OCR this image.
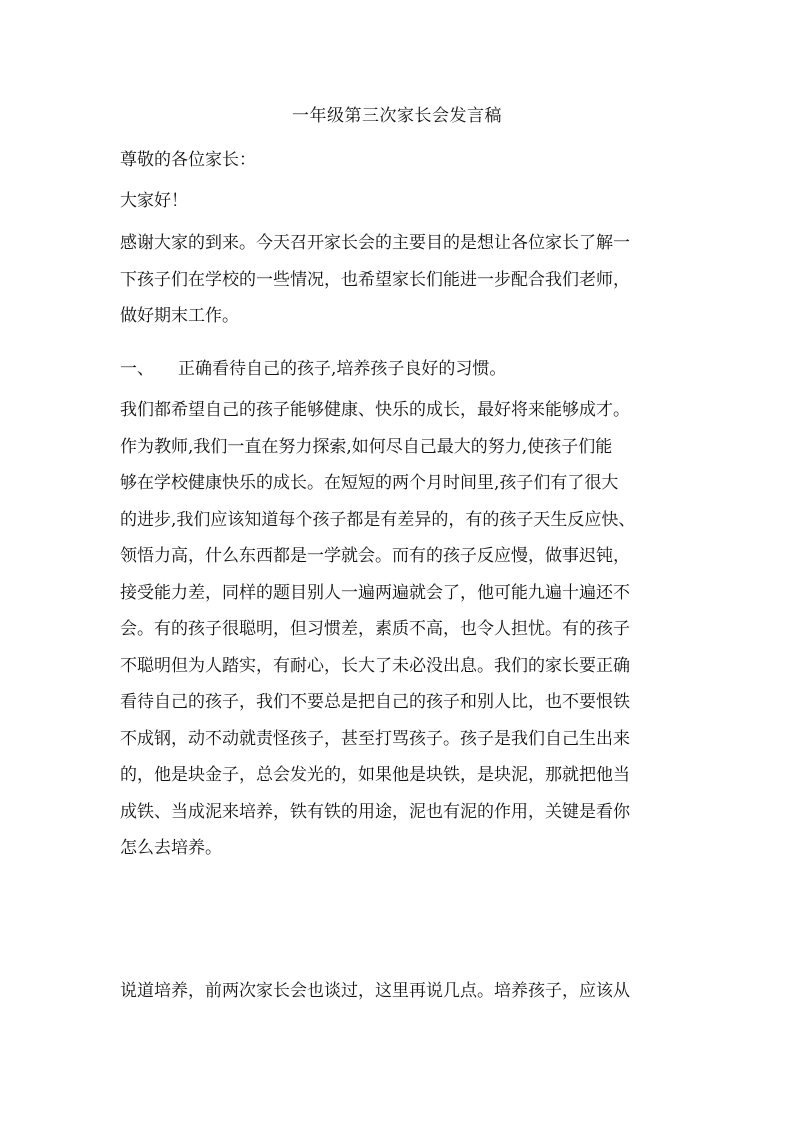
一年级第三次家长会发言稿
尊敬的各位家长：
大家好！
感谢大家的到来。今天召开家长会的主要目的是想让各位家长了解一
下孩子们在学校的一些情况，也希望家长们能进一步配合我们老师，
做好期末工作。
一、 正确看待自己的孩子,培养孩子良好的习惯。
我们都希望自己的孩子能够健康、快乐的成长，最好将来能够成才。
作为教师,我们一直在努力探索,如何尽自己最大的努力,使孩子们能
够在学校健康快乐的成长。在短短的两个月时间里,孩子们有了很大
的进步,我们应该知道每个孩子都是有差异的，有的孩子天生反应快、
领悟力高，什么东西都是一学就会。而有的孩子反应慢，做事迟钝，
接受能力差，同样的题目别人一遍两遍就会了，他可能九遍十遍还不
会。有的孩子很聪明，但习惯差，素质不高，也令人担忧。有的孩子
不聪明但为人踏实，有耐心，长大了未必没出息。我们的家长要正确
看待自己的孩子，我们不要总是把自己的孩子和别人比，也不要恨铁
不成钢，动不动就责怪孩子，甚至打骂孩子。孩子是我们自己生出来
的，他是块金子，总会发光的，如果他是块铁，是块泥，那就把他当
成铁、当成泥来培养，铁有铁的用途，泥也有泥的作用，关键是看你
怎么去培养。
说道培养，前两次家长会也谈过，这里再说几点。培养孩子，应该从
